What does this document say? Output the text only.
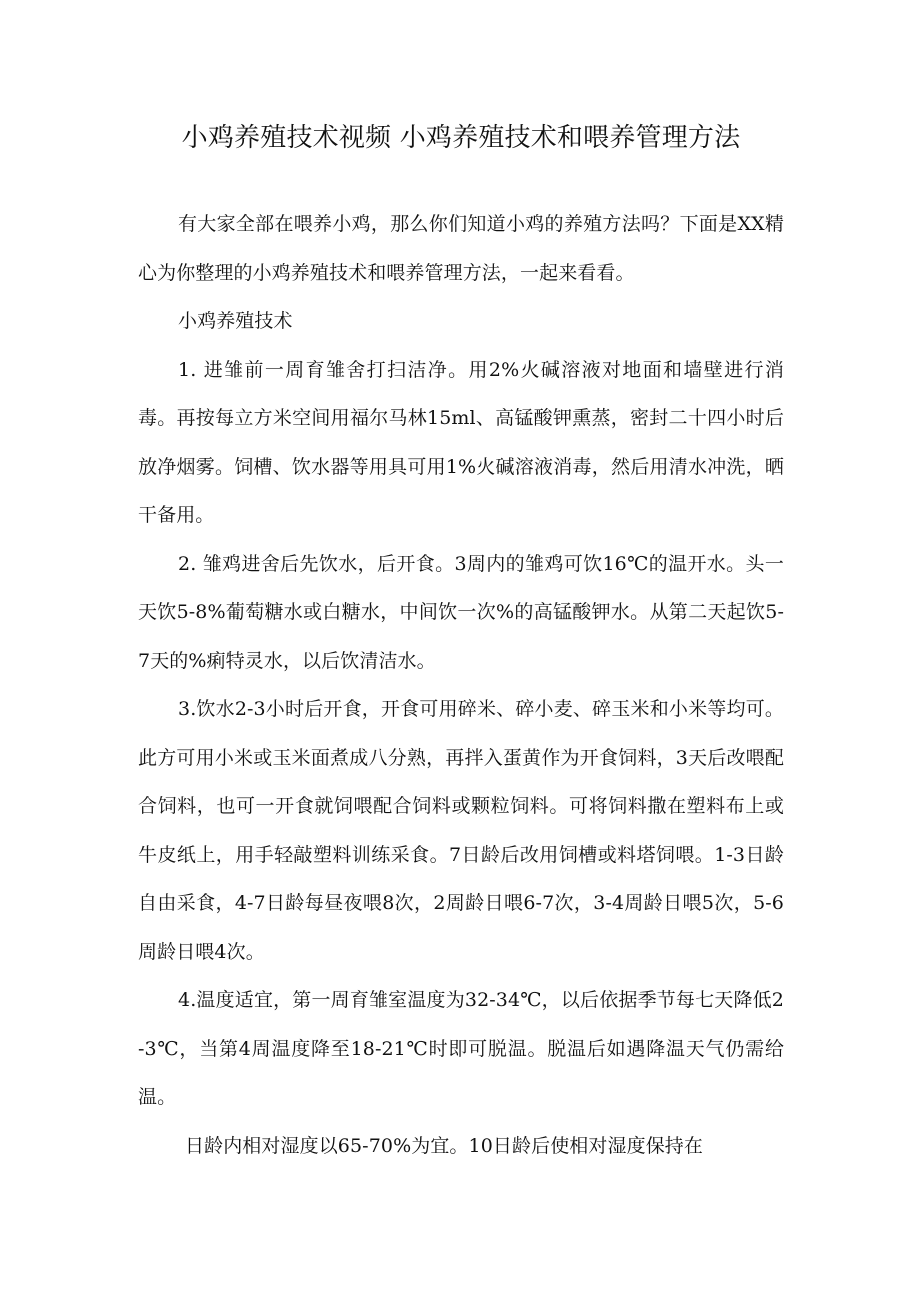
小鸡养殖技术视频 小鸡养殖技术和喂养管理方法

有大家全部在喂养小鸡，那么你们知道小鸡的养殖方法吗？下面是XX精心为你整理的小鸡养殖技术和喂养管理方法，一起来看看。

小鸡养殖技术

1. 进雏前一周育雏舍打扫洁净。用2%火碱溶液对地面和墙壁进行消毒。再按每立方米空间用福尔马林15ml、高锰酸钾熏蒸，密封二十四小时后放净烟雾。饲槽、饮水器等用具可用1%火碱溶液消毒，然后用清水冲洗，晒干备用。

2. 雏鸡进舍后先饮水，后开食。3周内的雏鸡可饮16℃的温开水。头一天饮5-8%葡萄糖水或白糖水，中间饮一次%的高锰酸钾水。从第二天起饮5-7天的%痢特灵水，以后饮清洁水。

3.饮水2-3小时后开食，开食可用碎米、碎小麦、碎玉米和小米等均可。此方可用小米或玉米面煮成八分熟，再拌入蛋黄作为开食饲料，3天后改喂配合饲料，也可一开食就饲喂配合饲料或颗粒饲料。可将饲料撒在塑料布上或牛皮纸上，用手轻敲塑料训练采食。7日龄后改用饲槽或料塔饲喂。1-3日龄自由采食，4-7日龄每昼夜喂8次，2周龄日喂6-7次，3-4周龄日喂5次，5-6周龄日喂4次。

4.温度适宜，第一周育雏室温度为32-34℃，以后依据季节每七天降低2-3℃，当第4周温度降至18-21℃时即可脱温。脱温后如遇降温天气仍需给温。

日龄内相对湿度以65-70%为宜。10日龄后使相对湿度保持在
